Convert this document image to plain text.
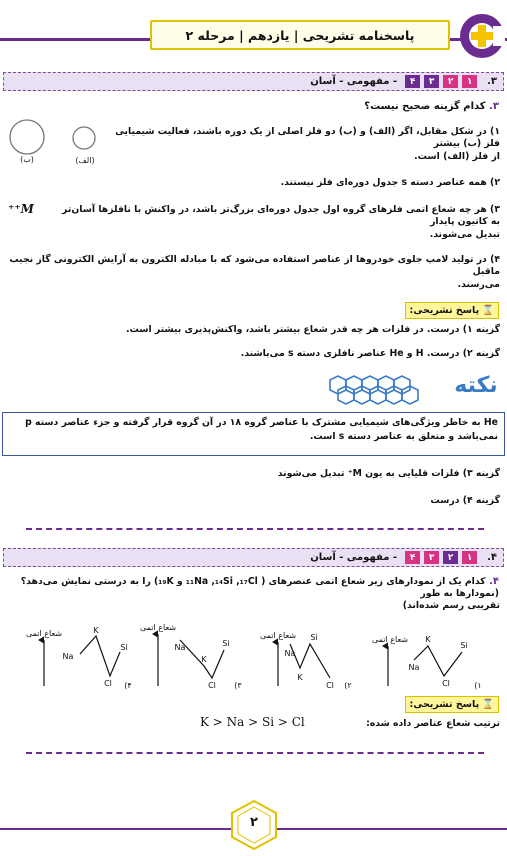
پاسخنامه تشریحی | یازدهم | مرحله ۲
۳.
۱
۲
۳
۴
- مفهومی - آسان
۳. کدام گزینه صحیح نیست؟
(ب)	(الف)
۱) در شکل مقابل، اگر (الف) و (ب) دو فلز اصلی از یک دوره باشند، فعالیت شیمیایی فلز (ب) بیشتر
از فلز (الف) است.
۲) همه عناصر دسته s جدول دوره‌ای فلز نیستند.
۳) هر چه شعاع اتمی فلزهای گروه اول جدول دوره‌ای بزرگ‌تر باشد، در واکنش با نافلزها آسان‌تر به کاتیون پایدار
M⁺⁺
تبدیل می‌شوند.
۴) در تولید لامپ جلوی خودروها از عناصر استفاده می‌شود که با مبادله الکترون به آرایش الکترونی گاز نجیب ماقبل
می‌رسند.
⌛
پاسخ تشریحی:
گزینه ۱) درست. در فلزات هر چه قدر شعاع بیشتر باشد، واکنش‌پذیری بیشتر است.
گزینه ۲) درست. H و He عناصر نافلزی دسته s می‌باشند.
نکته
He به خاطر ویژگی‌های شیمیایی مشترک با عناصر گروه ۱۸ در آن گروه قرار گرفته و جزء عناصر دسته p نمی‌باشد و متعلق به عناصر دسته s است.
گزینه ۳) فلزات قلیایی به یون M⁺ تبدیل می‌شوند
گزینه ۴) درست
۴.
۱
۲
۳
۴
- مفهومی - آسان
۴. کدام یک از نمودارهای زیر شعاع اتمی عنصرهای ( ₁₁Na ,₁₄Si ,₁₇Cl و ₁₉K) را به درستی نمایش می‌دهد؟ (نمودارها به طور
تقریبی رسم شده‌اند)
شعاع اتمی
Na
K
Cl
Si
(۴
شعاع اتمی
Na
K
Cl
Si
(۳
شعاع اتمی
Na
K
Si
Cl (۲
شعاع اتمی
Na
K
Cl
Si
(۱
⌛
پاسخ تشریحی:
ترتیب شعاع عناصر داده شده:
K > Na > Si > Cl
۲
